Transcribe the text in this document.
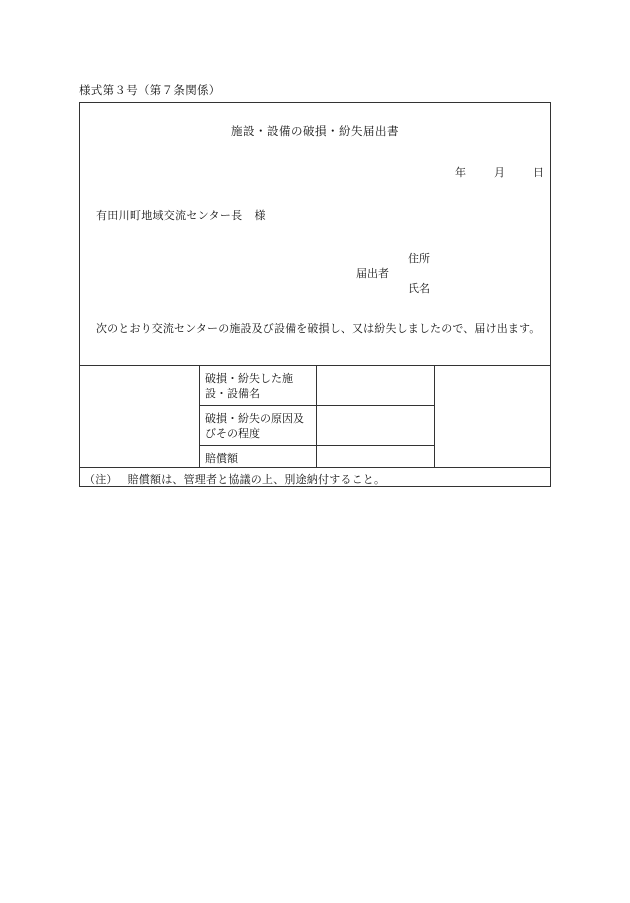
様式第３号（第７条関係）
施設・設備の破損・紛失届出書
年	月	日
有田川町地域交流センター長 様
住所
届出者
氏名
次のとおり交流センターの施設及び設備を破損し、又は紛失しましたので、届け出ます。
破損・紛失した施設・設備名
破損・紛失の原因及びその程度
賠償額
（注） 賠償額は、管理者と協議の上、別途納付すること。
